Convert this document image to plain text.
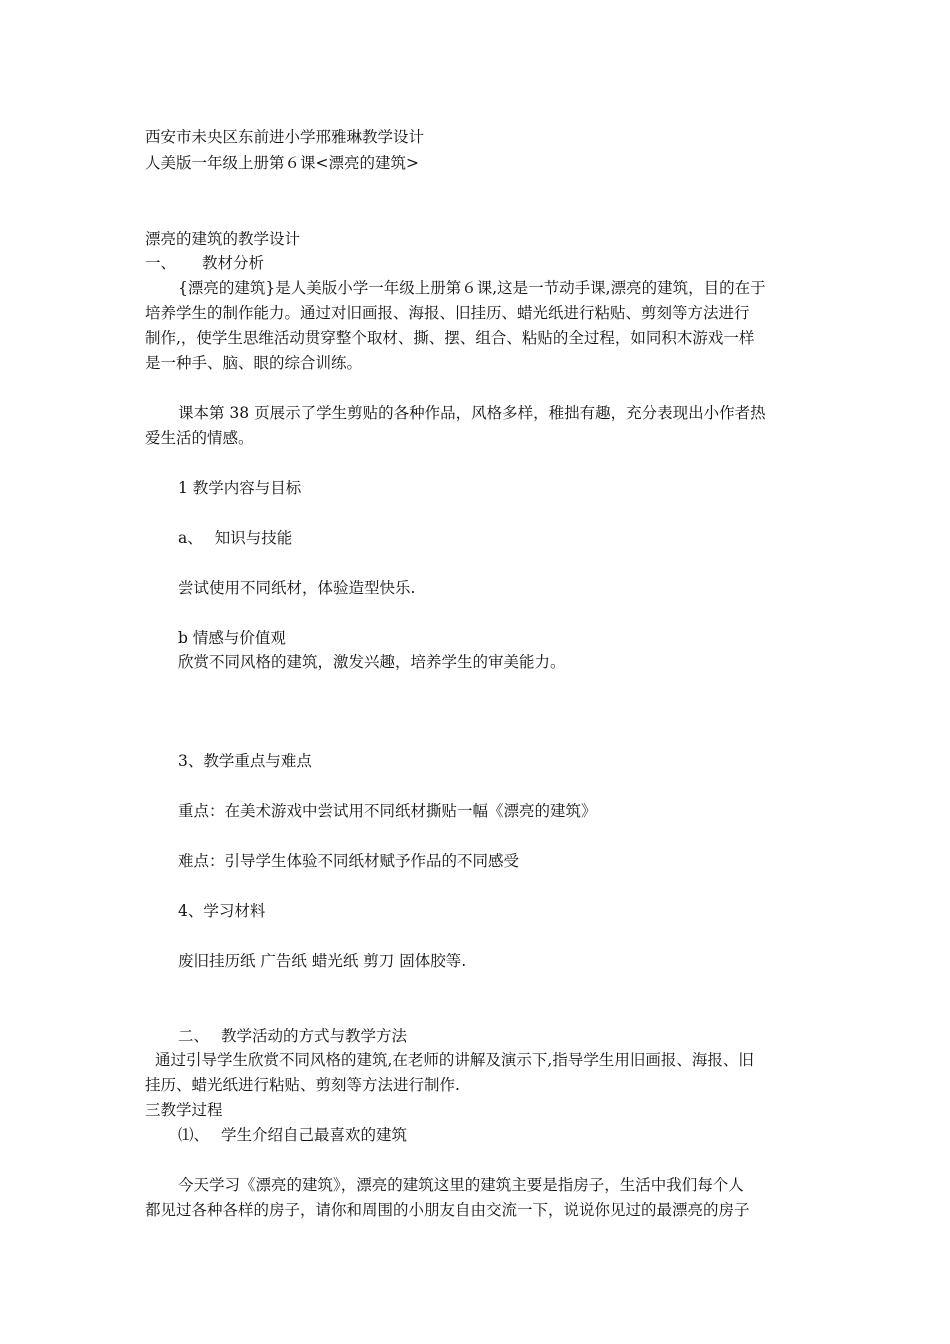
西安市未央区东前进小学邢雅琳教学设计
人美版一年级上册第６课<漂亮的建筑>
漂亮的建筑的教学设计
一、 教材分析
{漂亮的建筑}是人美版小学一年级上册第６课,这是一节动手课,漂亮的建筑，目的在于
培养学生的制作能力。通过对旧画报、海报、旧挂历、蜡光纸进行粘贴、剪刻等方法进行
制作,，使学生思维活动贯穿整个取材、撕、摆、组合、粘贴的全过程，如同积木游戏一样
是一种手、脑、眼的综合训练。
课本第 38 页展示了学生剪贴的各种作品，风格多样，稚拙有趣，充分表现出小作者热
爱生活的情感。
1 教学内容与目标
a、 知识与技能
尝试使用不同纸材，体验造型快乐.
b 情感与价值观
欣赏不同风格的建筑，激发兴趣，培养学生的审美能力。
3、教学重点与难点
重点：在美术游戏中尝试用不同纸材撕贴一幅《漂亮的建筑》
难点：引导学生体验不同纸材赋予作品的不同感受
4、学习材料
废旧挂历纸 广告纸 蜡光纸 剪刀 固体胶等.
二、 教学活动的方式与教学方法
通过引导学生欣赏不同风格的建筑,在老师的讲解及演示下,指导学生用旧画报、海报、旧
挂历、蜡光纸进行粘贴、剪刻等方法进行制作.
三教学过程
⑴、 学生介绍自己最喜欢的建筑
今天学习《漂亮的建筑》，漂亮的建筑这里的建筑主要是指房子，生活中我们每个人
都见过各种各样的房子，请你和周围的小朋友自由交流一下，说说你见过的最漂亮的房子
